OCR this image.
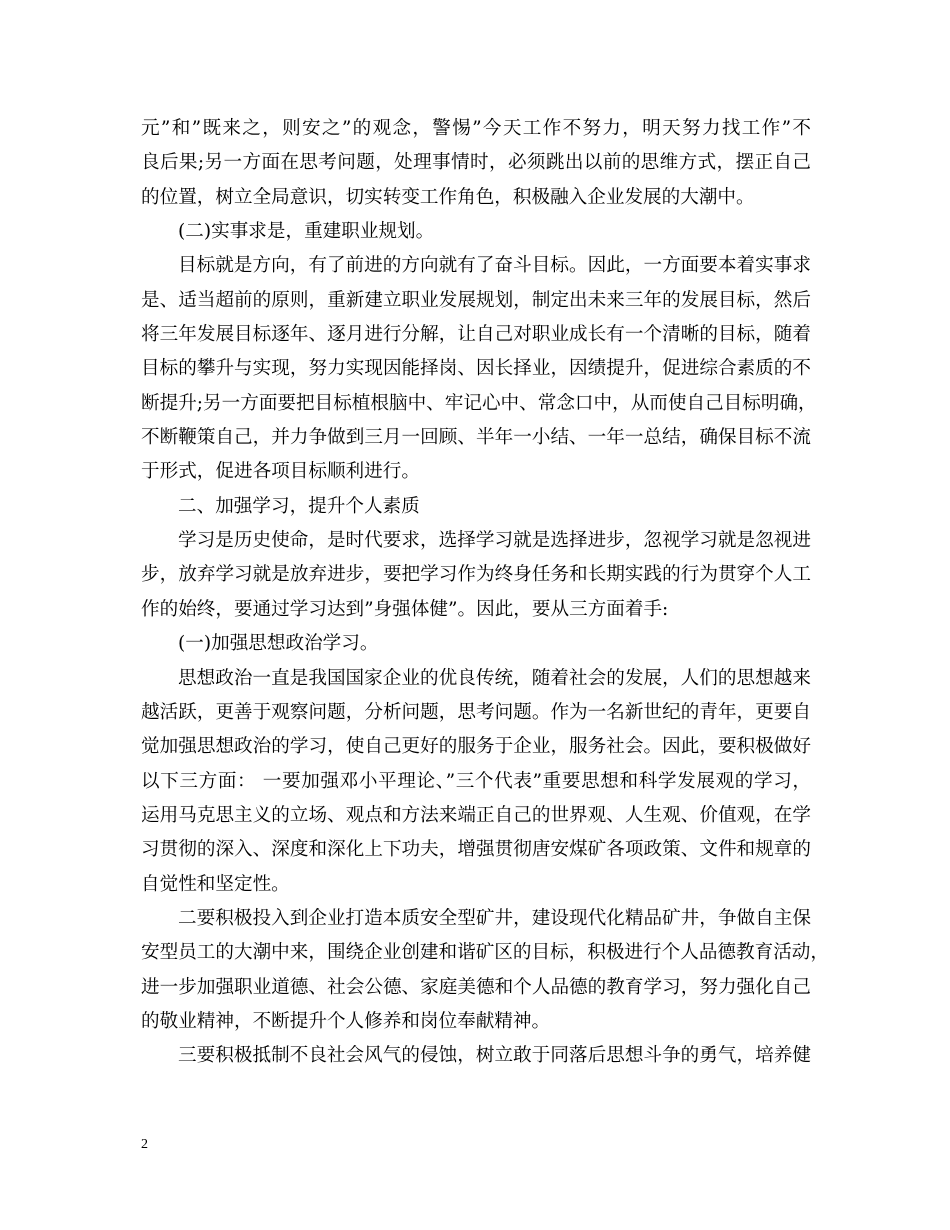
元”和”既来之，则安之”的观念，警惕”今天工作不努力，明天努力找工作”不
良后果;另一方面在思考问题，处理事情时，必须跳出以前的思维方式，摆正自己
的位置，树立全局意识，切实转变工作角色，积极融入企业发展的大潮中。
(二)实事求是，重建职业规划。
目标就是方向，有了前进的方向就有了奋斗目标。因此，一方面要本着实事求
是、适当超前的原则，重新建立职业发展规划，制定出未来三年的发展目标，然后
将三年发展目标逐年、逐月进行分解，让自己对职业成长有一个清晰的目标，随着
目标的攀升与实现，努力实现因能择岗、因长择业，因绩提升，促进综合素质的不
断提升;另一方面要把目标植根脑中、牢记心中、常念口中，从而使自己目标明确，
不断鞭策自己，并力争做到三月一回顾、半年一小结、一年一总结，确保目标不流
于形式，促进各项目标顺利进行。
二、加强学习，提升个人素质
学习是历史使命，是时代要求，选择学习就是选择进步，忽视学习就是忽视进
步，放弃学习就是放弃进步，要把学习作为终身任务和长期实践的行为贯穿个人工
作的始终，要通过学习达到”身强体健”。因此，要从三方面着手:
(一)加强思想政治学习。
思想政治一直是我国国家企业的优良传统，随着社会的发展，人们的思想越来
越活跃，更善于观察问题，分析问题，思考问题。作为一名新世纪的青年，更要自
觉加强思想政治的学习，使自己更好的服务于企业，服务社会。因此，要积极做好
以下三方面： 一要加强邓小平理论、”三个代表”重要思想和科学发展观的学习，
运用马克思主义的立场、观点和方法来端正自己的世界观、人生观、价值观，在学
习贯彻的深入、深度和深化上下功夫，增强贯彻唐安煤矿各项政策、文件和规章的
自觉性和坚定性。
二要积极投入到企业打造本质安全型矿井，建设现代化精品矿井，争做自主保
安型员工的大潮中来，围绕企业创建和谐矿区的目标，积极进行个人品德教育活动，
进一步加强职业道德、社会公德、家庭美德和个人品德的教育学习，努力强化自己
的敬业精神，不断提升个人修养和岗位奉献精神。
三要积极抵制不良社会风气的侵蚀，树立敢于同落后思想斗争的勇气，培养健
2
